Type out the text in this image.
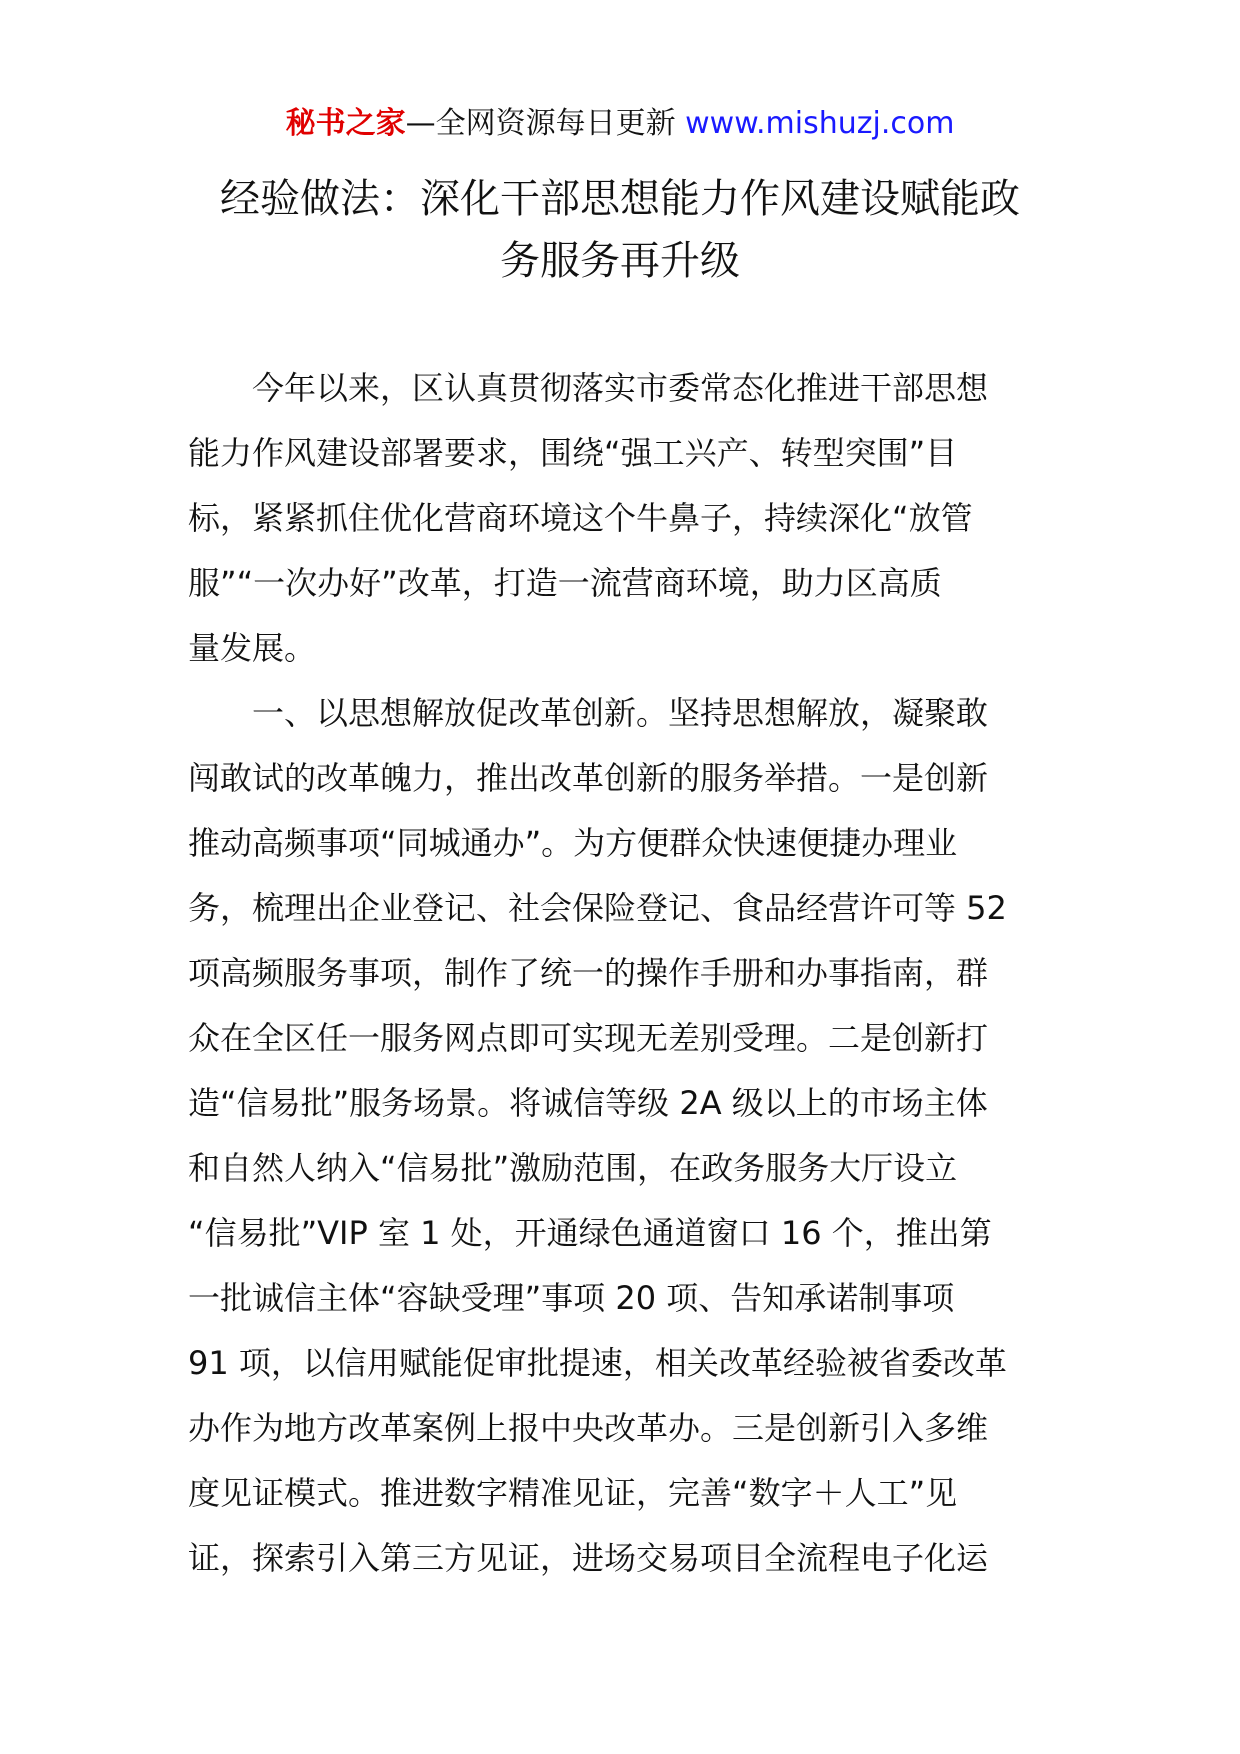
秘书之家—全网资源每日更新 www.mishuzj.com
经验做法：深化干部思想能力作风建设赋能政
务服务再升级
今年以来，区认真贯彻落实市委常态化推进干部思想
能力作风建设部署要求，围绕“强工兴产、转型突围”目
标，紧紧抓住优化营商环境这个牛鼻子，持续深化“放管
服”“一次办好”改革，打造一流营商环境，助力区高质
量发展。
一、以思想解放促改革创新。坚持思想解放，凝聚敢
闯敢试的改革魄力，推出改革创新的服务举措。一是创新
推动高频事项“同城通办”。为方便群众快速便捷办理业
务，梳理出企业登记、社会保险登记、食品经营许可等 52
项高频服务事项，制作了统一的操作手册和办事指南，群
众在全区任一服务网点即可实现无差别受理。二是创新打
造“信易批”服务场景。将诚信等级 2A 级以上的市场主体
和自然人纳入“信易批”激励范围，在政务服务大厅设立
“信易批”VIP 室 1 处，开通绿色通道窗口 16 个，推出第
一批诚信主体“容缺受理”事项 20 项、告知承诺制事项
91 项，以信用赋能促审批提速，相关改革经验被省委改革
办作为地方改革案例上报中央改革办。三是创新引入多维
度见证模式。推进数字精准见证，完善“数字＋人工”见
证，探索引入第三方见证，进场交易项目全流程电子化运
